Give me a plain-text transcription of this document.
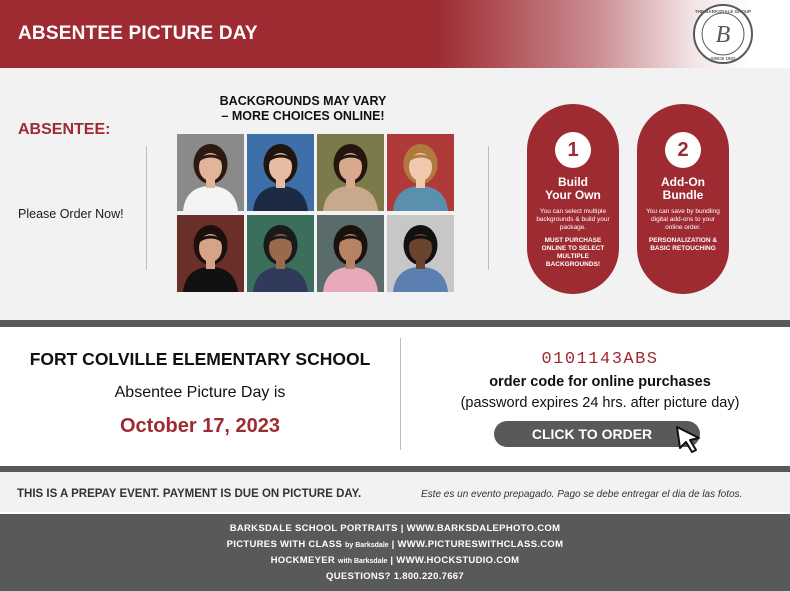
ABSENTEE PICTURE DAY	B
THE BARKSDALE GROUP
SINCE 1922
ABSENTEE:
Please Order Now!
BACKGROUNDS MAY VARY
– MORE CHOICES ONLINE!
1
Build
Your Own
You can select multiple backgrounds & build your package.
MUST PURCHASE ONLINE TO SELECT MULTIPLE BACKGROUNDS!
2
Add-On
Bundle
You can save by bundling digital add-ons to your online order.
PERSONALIZATION & BASIC RETOUCHING
FORT COLVILLE ELEMENTARY SCHOOL
Absentee Picture Day is
October 17, 2023
0101143ABS
order code for online purchases
(password expires 24 hrs. after picture day)
CLICK TO ORDER
THIS IS A PREPAY EVENT. PAYMENT IS DUE ON PICTURE DAY.	Este es un evento prepagado. Pago se debe entregar el dia de las fotos.
BARKSDALE SCHOOL PORTRAITS | WWW.BARKSDALEPHOTO.COM
PICTURES WITH CLASS by Barksdale | WWW.PICTURESWITHCLASS.COM
HOCKMEYER with Barksdale | WWW.HOCKSTUDIO.COM
QUESTIONS? 1.800.220.7667
